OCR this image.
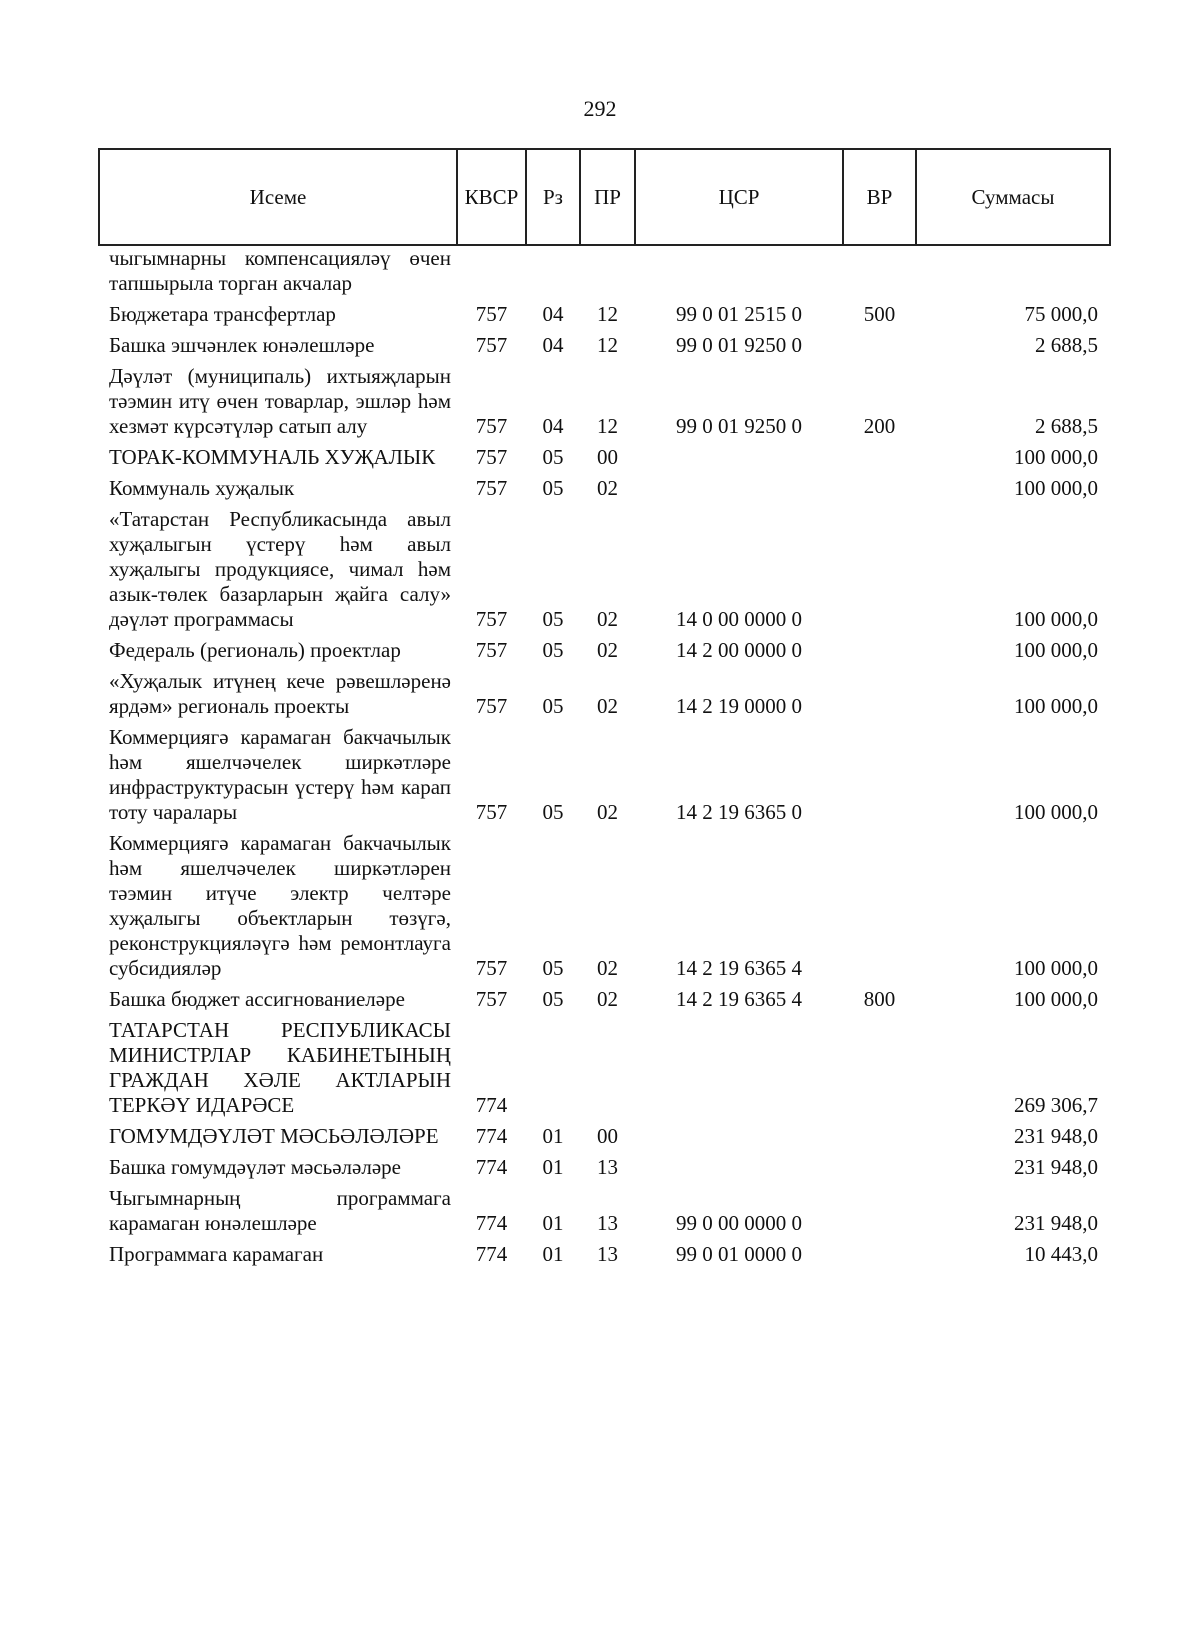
292
Исеме	КВСР	Рз	ПР	ЦСР	ВР	Суммасы
чыгымнарны компенсацияләү өчен тапшырыла торган акчалар						
Бюджетара трансфертлар	757	04	12	99 0 01 2515 0	500	75 000,0
Башка эшчәнлек юнәлешләре	757	04	12	99 0 01 9250 0		2 688,5
Дәүләт (муниципаль) ихтыяҗларын тәэмин итү өчен товарлар, эшләр һәм хезмәт күрсәтүләр сатып алу	757	04	12	99 0 01 9250 0	200	2 688,5
ТОРАК-КОММУНАЛЬ ХУҖАЛЫК	757	05	00			100 000,0
Коммуналь хуҗалык	757	05	02			100 000,0
«Татарстан Республикасында авыл хуҗалыгын үстерү һәм авыл хуҗалыгы продукциясе, чимал һәм азык-төлек базарларын җайга салу» дәүләт программасы	757	05	02	14 0 00 0000 0		100 000,0
Федераль (региональ) проектлар	757	05	02	14 2 00 0000 0		100 000,0
«Хуҗалык итүнең кече рәвешләренә ярдәм» региональ проекты	757	05	02	14 2 19 0000 0		100 000,0
Коммерциягә карамаган бакчачылык һәм яшелчәчелек ширкәтләре инфраструктурасын үстерү һәм карап тоту чаралары	757	05	02	14 2 19 6365 0		100 000,0
Коммерциягә карамаган бакчачылык һәм яшелчәчелек ширкәтләрен тәэмин итүче электр челтәре хуҗалыгы объектларын төзүгә, реконструкцияләүгә һәм ремонтлауга субсидияләр	757	05	02	14 2 19 6365 4		100 000,0
Башка бюджет ассигнованиеләре	757	05	02	14 2 19 6365 4	800	100 000,0
ТАТАРСТАН РЕСПУБЛИКАСЫ МИНИСТРЛАР КАБИНЕТЫНЫҢ ГРАЖДАН ХӘЛЕ АКТЛАРЫН ТЕРКӘҮ ИДАРӘСЕ	774					269 306,7
ГОМУМДӘҮЛӘТ МӘСЬӘЛӘЛӘРЕ	774	01	00			231 948,0
Башка гомумдәүләт мәсьәләләре	774	01	13			231 948,0
Чыгымнарның программага карамаган юнәлешләре	774	01	13	99 0 00 0000 0		231 948,0
Программага карамаган	774	01	13	99 0 01 0000 0		10 443,0
